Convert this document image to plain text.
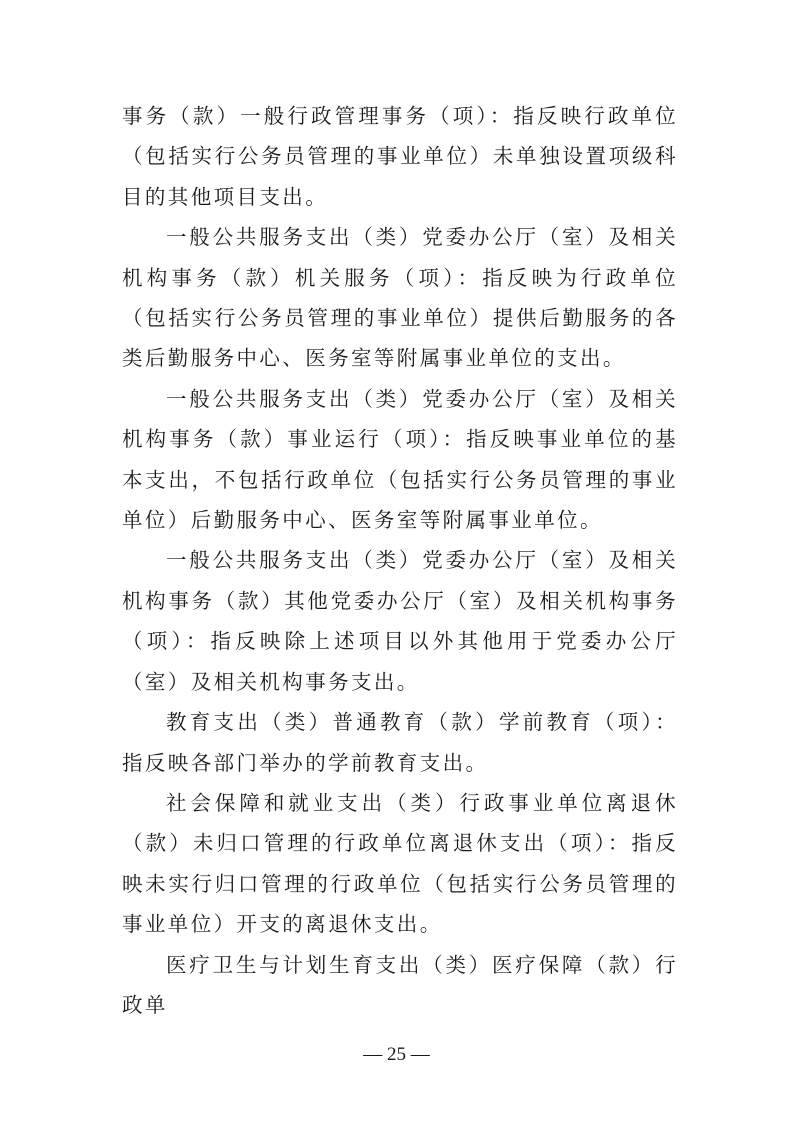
事务（款）一般行政管理事务（项）：指反映行政单位（包括实行公务员管理的事业单位）未单独设置项级科目的其他项目支出。

一般公共服务支出（类）党委办公厅（室）及相关机构事务（款）机关服务（项）：指反映为行政单位（包括实行公务员管理的事业单位）提供后勤服务的各类后勤服务中心、医务室等附属事业单位的支出。

一般公共服务支出（类）党委办公厅（室）及相关机构事务（款）事业运行（项）：指反映事业单位的基本支出，不包括行政单位（包括实行公务员管理的事业单位）后勤服务中心、医务室等附属事业单位。

一般公共服务支出（类）党委办公厅（室）及相关机构事务（款）其他党委办公厅（室）及相关机构事务（项）：指反映除上述项目以外其他用于党委办公厅（室）及相关机构事务支出。

教育支出（类）普通教育（款）学前教育（项）：指反映各部门举办的学前教育支出。

社会保障和就业支出（类）行政事业单位离退休（款）未归口管理的行政单位离退休支出（项）：指反映未实行归口管理的行政单位（包括实行公务员管理的事业单位）开支的离退休支出。

医疗卫生与计划生育支出（类）医疗保障（款）行政单

— 25 —
